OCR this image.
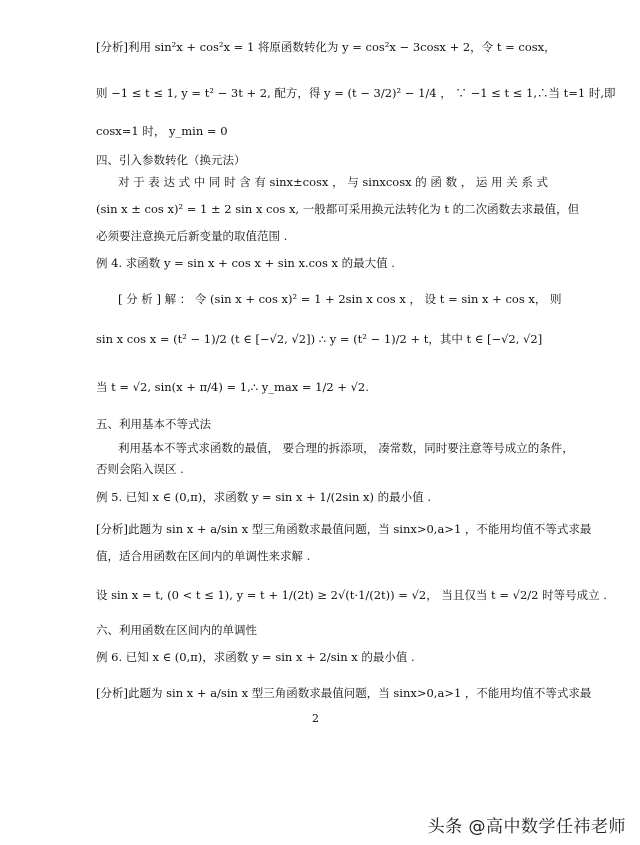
[分析]利用 sin²x + cos²x = 1 将原函数转化为 y = cos²x − 3cosx + 2，令 t = cosx，
则 −1 ≤ t ≤ 1, y = t² − 3t + 2, 配方，得 y = (t − 3/2)² − 1/4 ， ∵ −1 ≤ t ≤ 1,∴当 t=1 时,即
cosx=1 时， y_min = 0
四、引入参数转化（换元法）
对 于 表 达 式 中 同 时 含 有 sinx±cosx ， 与 sinxcosx 的 函 数 ， 运 用 关 系 式
(sin x ± cos x)² = 1 ± 2 sin x cos x, 一般都可采用换元法转化为 t 的二次函数去求最值，但
必须要注意换元后新变量的取值范围 .
例 4. 求函数 y = sin x + cos x + sin x.cos x 的最大值 .
[ 分 析 ] 解 ： 令 (sin x + cos x)² = 1 + 2sin x cos x ， 设 t = sin x + cos x， 则
sin x cos x = (t² − 1)/2 (t ∈ [−√2, √2]) ∴ y = (t² − 1)/2 + t，其中 t ∈ [−√2, √2]
当 t = √2, sin(x + π/4) = 1,∴ y_max = 1/2 + √2.
五、利用基本不等式法
利用基本不等式求函数的最值， 要合理的拆添项， 凑常数，同时要注意等号成立的条件，
否则会陷入误区 .
例 5. 已知 x ∈ (0,π)，求函数 y = sin x + 1/(2sin x) 的最小值 .
[分析]此题为 sin x + a/sin x 型三角函数求最值问题，当 sinx>0,a>1 ，不能用均值不等式求最
值，适合用函数在区间内的单调性来求解 .
设 sin x = t, (0 < t ≤ 1), y = t + 1/(2t) ≥ 2√(t·1/(2t)) = √2， 当且仅当 t = √2/2 时等号成立 .
六、利用函数在区间内的单调性
例 6. 已知 x ∈ (0,π)，求函数 y = sin x + 2/sin x 的最小值 .
[分析]此题为 sin x + a/sin x 型三角函数求最值问题，当 sinx>0,a>1 ，不能用均值不等式求最
2
头条 @高中数学任祎老师
